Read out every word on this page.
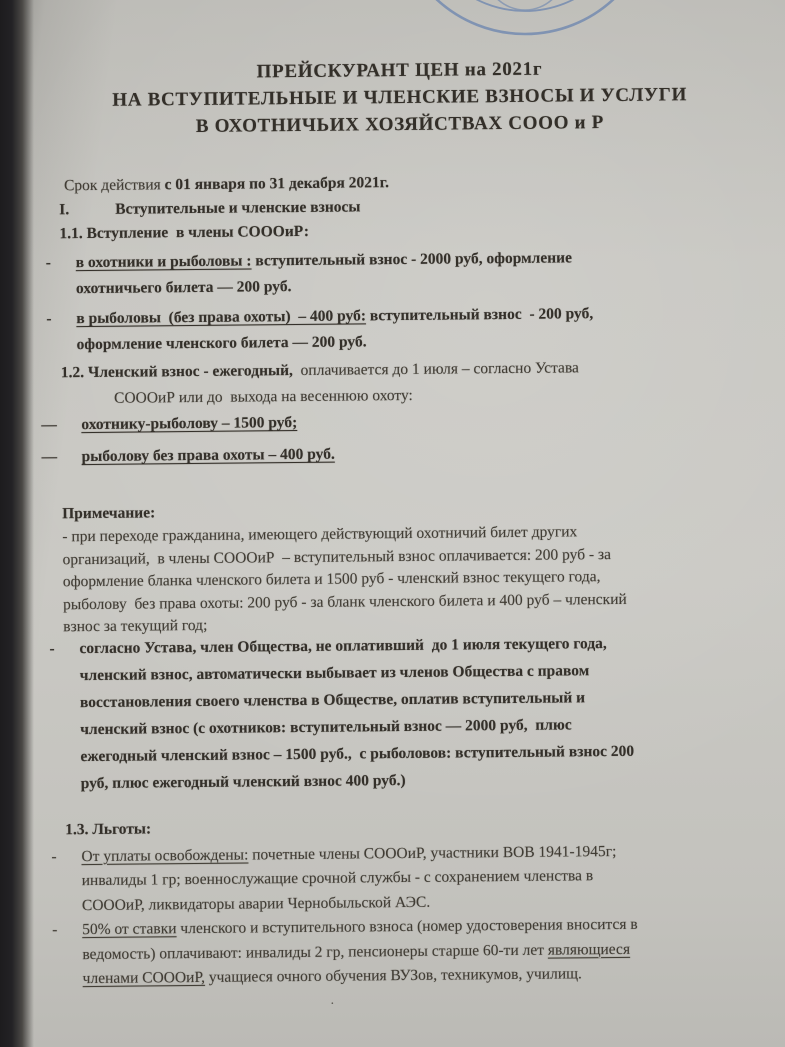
ПРЕЙСКУРАНТ ЦЕН на 2021г
НА ВСТУПИТЕЛЬНЫЕ И ЧЛЕНСКИЕ ВЗНОСЫ И УСЛУГИ
В ОХОТНИЧЬИХ ХОЗЯЙСТВАХ СООО и Р
Срок действия с 01 января по 31 декабря 2021г.
I.	Вступительные и членские взносы
1.1. Вступление  в члены СОООиР:
-	в охотники и рыболовы : вступительный взнос - 2000 руб, оформление
охотничьего билета — 200 руб.
-	в рыболовы  (без права охоты)  – 400 руб: вступительный взнос  - 200 руб,
оформление членского билета — 200 руб.
1.2. Членский взнос - ежегодный,  оплачивается до 1 июля – согласно Устава
СОООиР или до  выхода на весеннюю охоту:
—	охотнику-рыболову – 1500 руб;
—	рыболову без права охоты – 400 руб.
Примечание:
- при переходе гражданина, имеющего действующий охотничий билет других
организаций,  в члены СОООиР  – вступительный взнос оплачивается: 200 руб - за
оформление бланка членского билета и 1500 руб - членский взнос текущего года,
рыболову  без права охоты: 200 руб - за бланк членского билета и 400 руб – членский
взнос за текущий год;
-	согласно Устава, член Общества, не оплативший  до 1 июля текущего года,
членский взнос, автоматически выбывает из членов Общества с правом
восстановления своего членства в Обществе, оплатив вступительный и
членский взнос (с охотников: вступительный взнос — 2000 руб,  плюс
ежегодный членский взнос – 1500 руб.,  с рыболовов: вступительный взнос 200
руб, плюс ежегодный членский взнос 400 руб.)
1.3. Льготы:
-	От уплаты освобождены: почетные члены СОООиР, участники ВОВ 1941-1945г;
инвалиды 1 гр; военнослужащие срочной службы - с сохранением членства в
СОООиР, ликвидаторы аварии Чернобыльской АЭС.
-	50% от ставки членского и вступительного взноса (номер удостоверения вносится в
ведомость) оплачивают: инвалиды 2 гр, пенсионеры старше 60-ти лет являющиеся
членами СОООиР, учащиеся очного обучения ВУЗов, техникумов, училищ.
·
